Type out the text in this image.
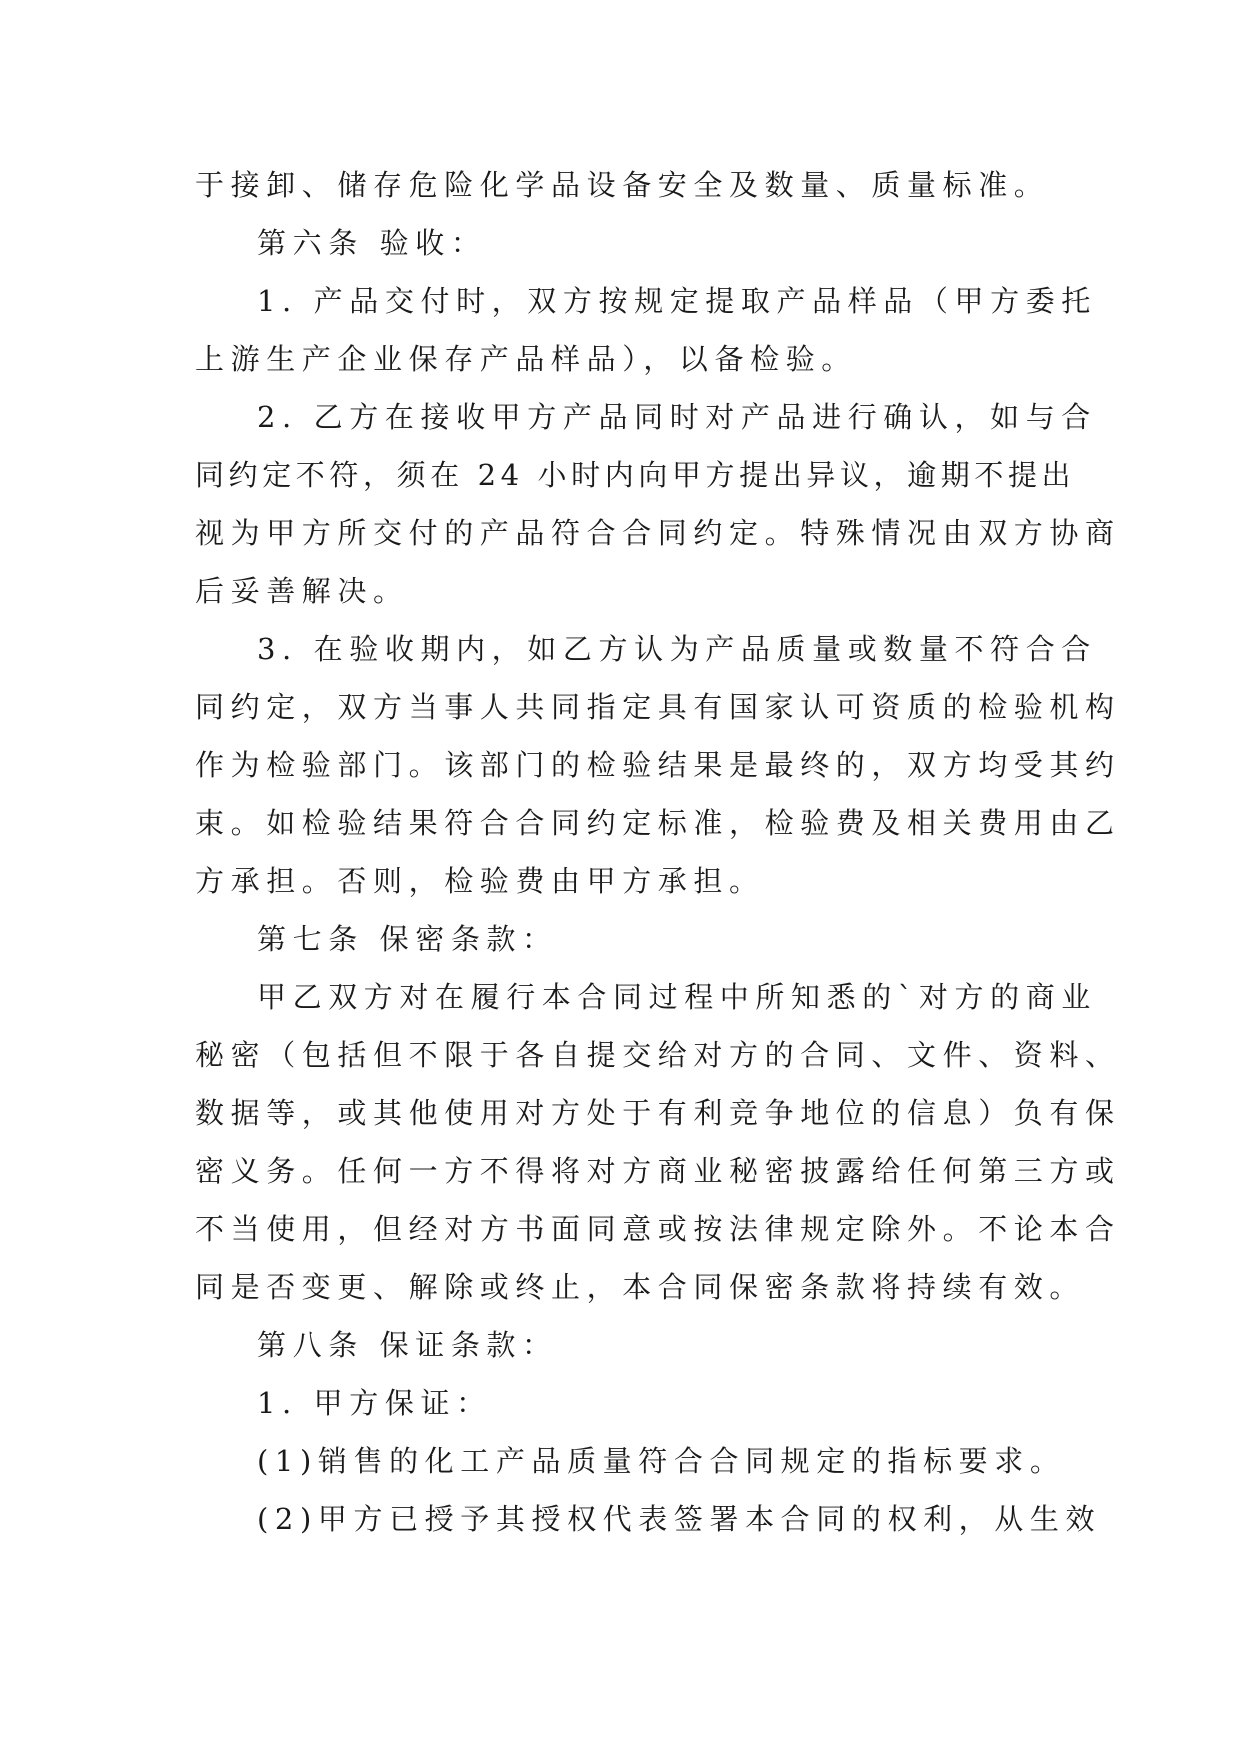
于接卸、储存危险化学品设备安全及数量、质量标准。
第六条 验收：
1. 产品交付时，双方按规定提取产品样品（甲方委托
上游生产企业保存产品样品），以备检验。
2. 乙方在接收甲方产品同时对产品进行确认，如与合
同约定不符，须在 24 小时内向甲方提出异议，逾期不提出
视为甲方所交付的产品符合合同约定。特殊情况由双方协商
后妥善解决。
3. 在验收期内，如乙方认为产品质量或数量不符合合
同约定，双方当事人共同指定具有国家认可资质的检验机构
作为检验部门。该部门的检验结果是最终的，双方均受其约
束。如检验结果符合合同约定标准，检验费及相关费用由乙
方承担。否则，检验费由甲方承担。
第七条 保密条款：
甲乙双方对在履行本合同过程中所知悉的`对方的商业
秘密（包括但不限于各自提交给对方的合同、文件、资料、
数据等，或其他使用对方处于有利竞争地位的信息）负有保
密义务。任何一方不得将对方商业秘密披露给任何第三方或
不当使用，但经对方书面同意或按法律规定除外。不论本合
同是否变更、解除或终止，本合同保密条款将持续有效。
第八条 保证条款：
1. 甲方保证：
(1)销售的化工产品质量符合合同规定的指标要求。
(2)甲方已授予其授权代表签署本合同的权利，从生效
